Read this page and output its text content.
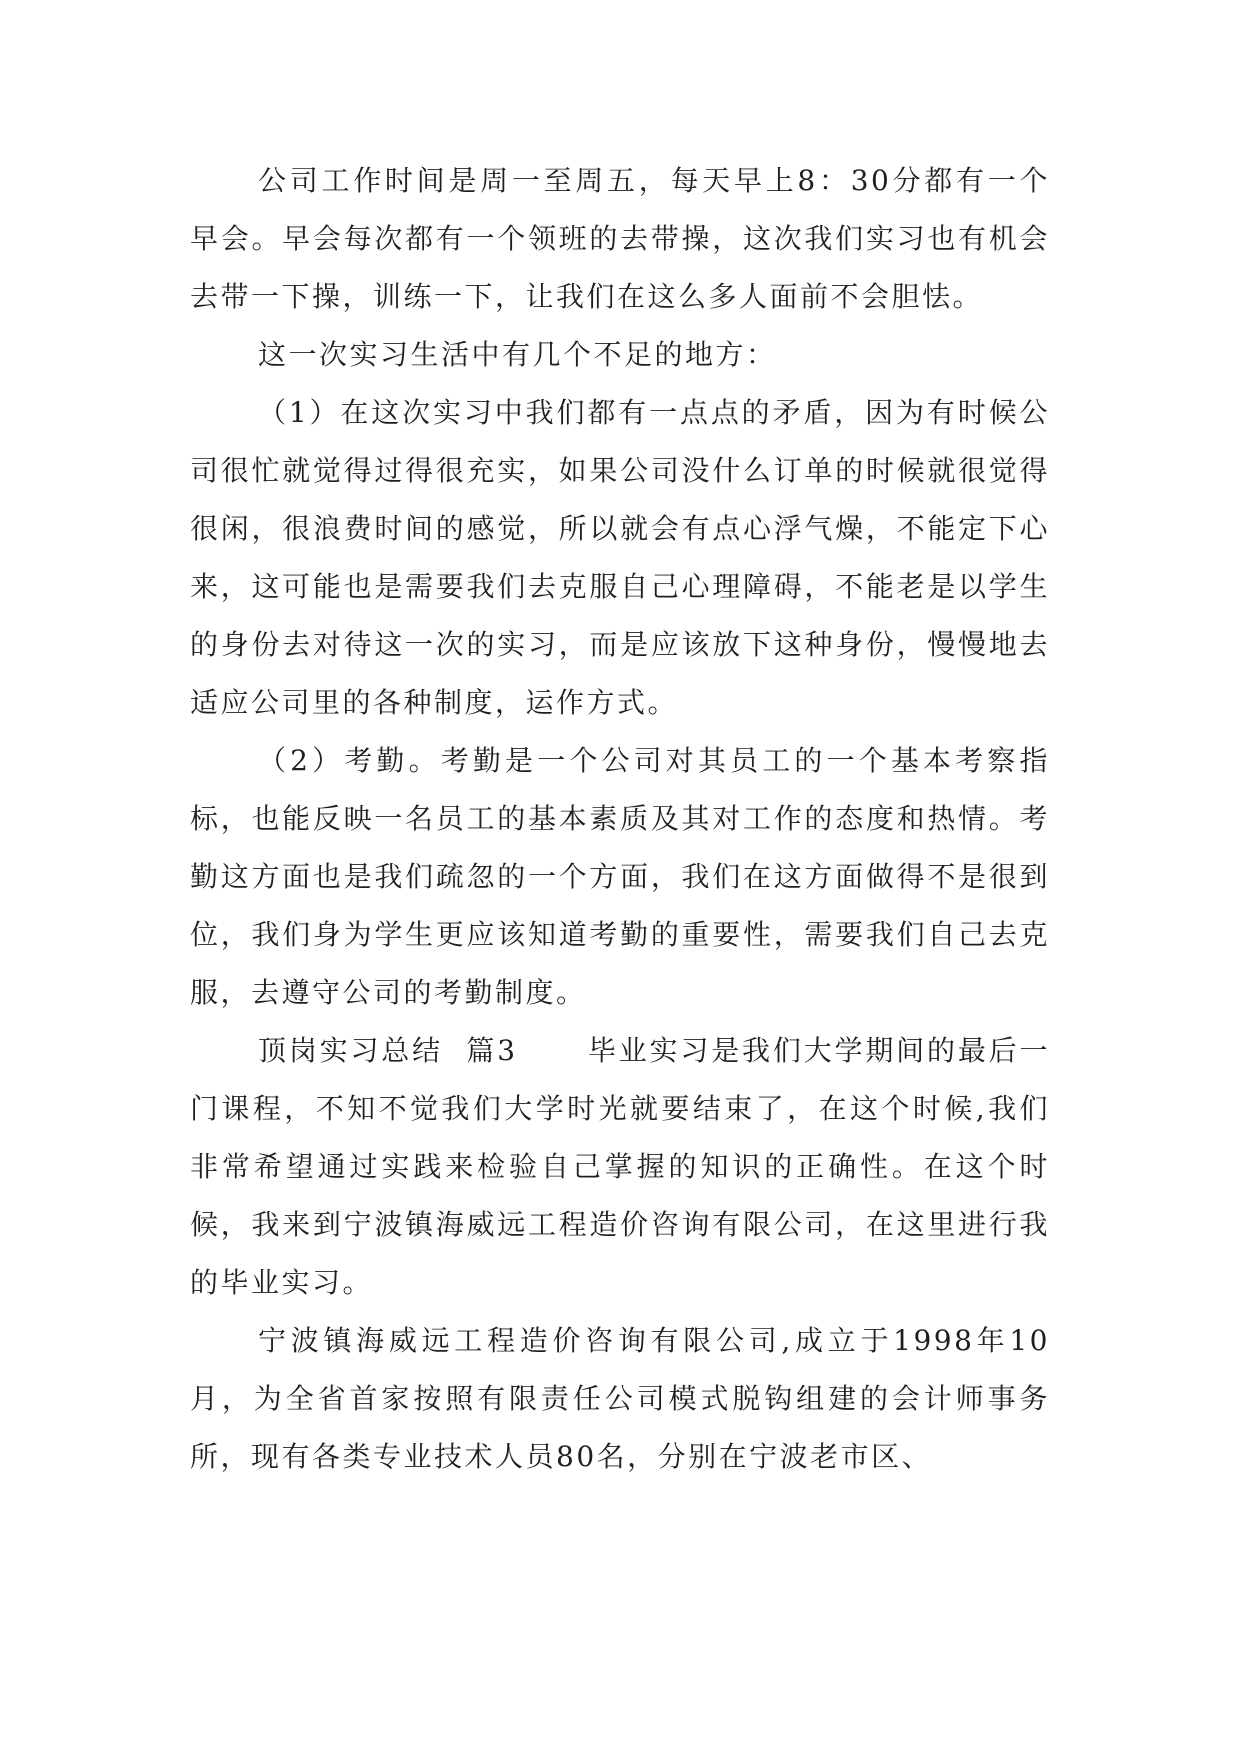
公司工作时间是周一至周五，每天早上8：30分都有一个早会。早会每次都有一个领班的去带操，这次我们实习也有机会去带一下操，训练一下，让我们在这么多人面前不会胆怯。

这一次实习生活中有几个不足的地方：

（1）在这次实习中我们都有一点点的矛盾，因为有时候公司很忙就觉得过得很充实，如果公司没什么订单的时候就很觉得很闲，很浪费时间的感觉，所以就会有点心浮气燥，不能定下心来，这可能也是需要我们去克服自己心理障碍，不能老是以学生的身份去对待这一次的实习，而是应该放下这种身份，慢慢地去适应公司里的各种制度，运作方式。

（2）考勤。考勤是一个公司对其员工的一个基本考察指标，也能反映一名员工的基本素质及其对工作的态度和热情。考勤这方面也是我们疏忽的一个方面，我们在这方面做得不是很到位，我们身为学生更应该知道考勤的重要性，需要我们自己去克服，去遵守公司的考勤制度。

顶岗实习总结  篇3	毕业实习是我们大学期间的最后一门课程，不知不觉我们大学时光就要结束了，在这个时候,我们非常希望通过实践来检验自己掌握的知识的正确性。在这个时候，我来到宁波镇海威远工程造价咨询有限公司，在这里进行我的毕业实习。

宁波镇海威远工程造价咨询有限公司,成立于1998年10月，为全省首家按照有限责任公司模式脱钩组建的会计师事务所，现有各类专业技术人员80名，分别在宁波老市区、
